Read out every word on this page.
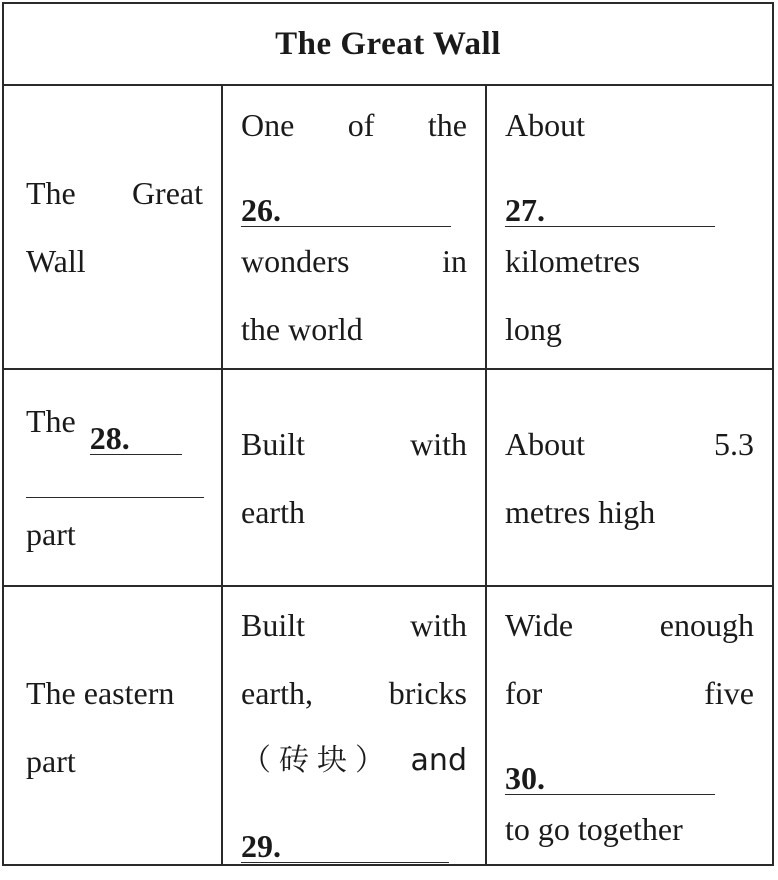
The Great Wall
The Great
Wall
One of the
26.
wonders in
the world
About
27.
kilometres
long
The 28.
part
Built with
earth
About 5.3
metres high
The eastern
part
Built with
earth, bricks
（砖块） and
29.
Wide enough
for five
30.
to go together
